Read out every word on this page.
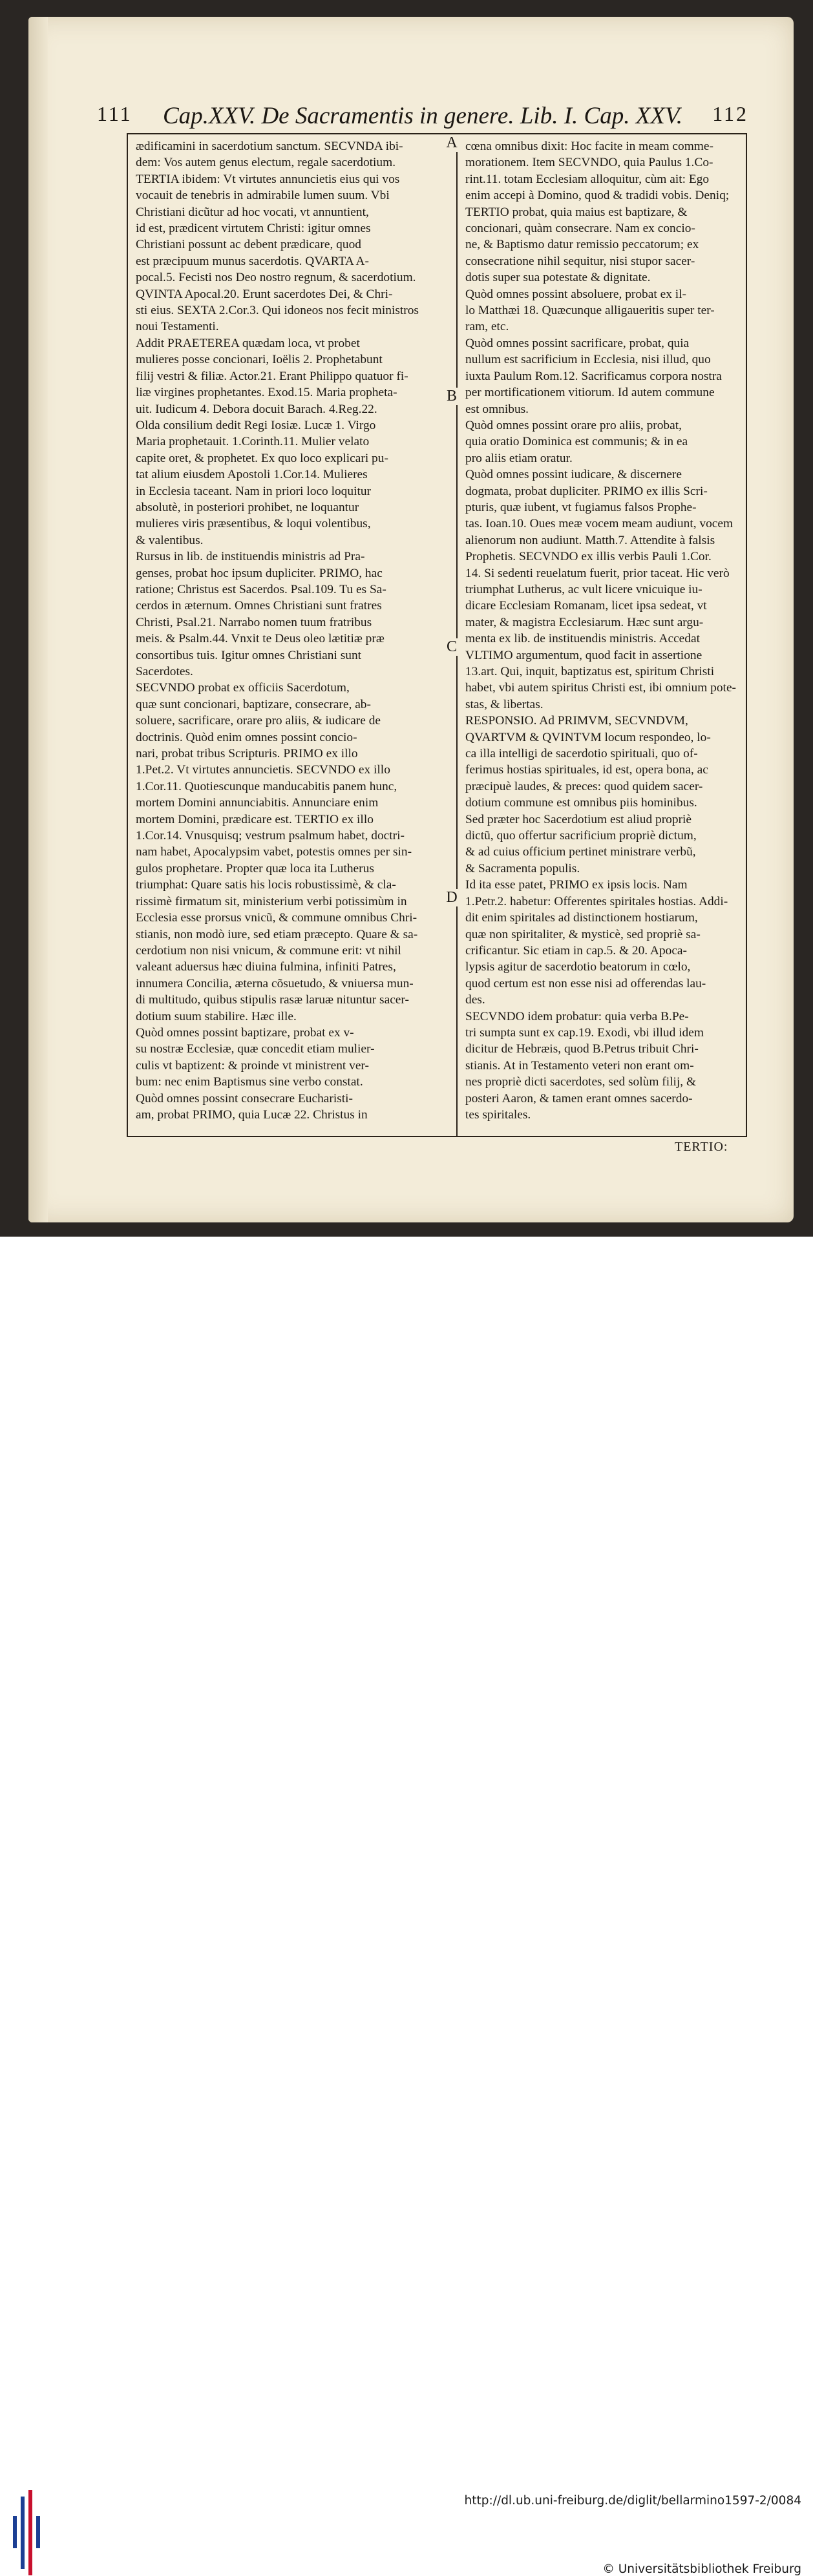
111	Cap.XXV. De Sacramentis in genere. Lib. I. Cap. XXV.	112
ædificamini in sacerdotium sanctum. SECVNDA ibi-
dem: Vos autem genus electum, regale sacerdotium.
TERTIA ibidem: Vt virtutes annuncietis eius qui vos
vocauit de tenebris in admirabile lumen suum. Vbi
Christiani dicũtur ad hoc vocati, vt annuntient,
id est, prædicent virtutem Christi: igitur omnes
Christiani possunt ac debent prædicare, quod
est præcipuum munus sacerdotis. QVARTA A-
pocal.5. Fecisti nos Deo nostro regnum, & sacerdotium.
QVINTA Apocal.20. Erunt sacerdotes Dei, & Chri-
sti eius. SEXTA 2.Cor.3. Qui idoneos nos fecit ministros
noui Testamenti.
Addit PRAETEREA quædam loca, vt probet
mulieres posse concionari, Ioëlis 2. Prophetabunt
filij vestri & filiæ. Actor.21. Erant Philippo quatuor fi-
liæ virgines prophetantes. Exod.15. Maria propheta-
uit. Iudicum 4. Debora docuit Barach. 4.Reg.22.
Olda consilium dedit Regi Iosiæ. Lucæ 1. Virgo
Maria prophetauit. 1.Corinth.11. Mulier velato
capite oret, & prophetet. Ex quo loco explicari pu-
tat alium eiusdem Apostoli 1.Cor.14. Mulieres
in Ecclesia taceant. Nam in priori loco loquitur
absolutè, in posteriori prohibet, ne loquantur
mulieres viris præsentibus, & loqui volentibus,
& valentibus.
Rursus in lib. de instituendis ministris ad Pra-
genses, probat hoc ipsum dupliciter. PRIMO, hac
ratione; Christus est Sacerdos. Psal.109. Tu es Sa-
cerdos in æternum. Omnes Christiani sunt fratres
Christi, Psal.21. Narrabo nomen tuum fratribus
meis. & Psalm.44. Vnxit te Deus oleo lætitiæ præ
consortibus tuis. Igitur omnes Christiani sunt
Sacerdotes.
SECVNDO probat ex officiis Sacerdotum,
quæ sunt concionari, baptizare, consecrare, ab-
soluere, sacrificare, orare pro aliis, & iudicare de
doctrinis. Quòd enim omnes possint concio-
nari, probat tribus Scripturis. PRIMO ex illo
1.Pet.2. Vt virtutes annuncietis. SECVNDO ex illo
1.Cor.11. Quotiescunque manducabitis panem hunc,
mortem Domini annunciabitis. Annunciare enim
mortem Domini, prædicare est. TERTIO ex illo
1.Cor.14. Vnusquisq; vestrum psalmum habet, doctri-
nam habet, Apocalypsim vabet, potestis omnes per sin-
gulos prophetare. Propter quæ loca ita Lutherus
triumphat: Quare satis his locis robustissimè, & cla-
rissimè firmatum sit, ministerium verbi potissimùm in
Ecclesia esse prorsus vnicũ, & commune omnibus Chri-
stianis, non modò iure, sed etiam præcepto. Quare & sa-
cerdotium non nisi vnicum, & commune erit: vt nihil
valeant aduersus hæc diuina fulmina, infiniti Patres,
innumera Concilia, æterna cõsuetudo, & vniuersa mun-
di multitudo, quibus stipulis rasæ laruæ nituntur sacer-
dotium suum stabilire. Hæc ille.
Quòd omnes possint baptizare, probat ex v-
su nostræ Ecclesiæ, quæ concedit etiam mulier-
culis vt baptizent: & proinde vt ministrent ver-
bum: nec enim Baptismus sine verbo constat.
Quòd omnes possint consecrare Eucharisti-
am, probat PRIMO, quia Lucæ 22. Christus in
cœna omnibus dixit: Hoc facite in meam comme-
morationem. Item SECVNDO, quia Paulus 1.Co-
rint.11. totam Ecclesiam alloquitur, cùm ait: Ego
enim accepi à Domino, quod & tradidi vobis. Deniq;
TERTIO probat, quia maius est baptizare, &
concionari, quàm consecrare. Nam ex concio-
ne, & Baptismo datur remissio peccatorum; ex
consecratione nihil sequitur, nisi stupor sacer-
dotis super sua potestate & dignitate.
Quòd omnes possint absoluere, probat ex il-
lo Matthæi 18. Quæcunque alligaueritis super ter-
ram, etc.
Quòd omnes possint sacrificare, probat, quia
nullum est sacrificium in Ecclesia, nisi illud, quo
iuxta Paulum Rom.12. Sacrificamus corpora nostra
per mortificationem vitiorum. Id autem commune
est omnibus.
Quòd omnes possint orare pro aliis, probat,
quia oratio Dominica est communis; & in ea
pro aliis etiam oratur.
Quòd omnes possint iudicare, & discernere
dogmata, probat dupliciter. PRIMO ex illis Scri-
pturis, quæ iubent, vt fugiamus falsos Prophe-
tas. Ioan.10. Oues meæ vocem meam audiunt, vocem
alienorum non audiunt. Matth.7. Attendite à falsis
Prophetis. SECVNDO ex illis verbis Pauli 1.Cor.
14. Si sedenti reuelatum fuerit, prior taceat. Hic verò
triumphat Lutherus, ac vult licere vnicuique iu-
dicare Ecclesiam Romanam, licet ipsa sedeat, vt
mater, & magistra Ecclesiarum. Hæc sunt argu-
menta ex lib. de instituendis ministris. Accedat
VLTIMO argumentum, quod facit in assertione
13.art. Qui, inquit, baptizatus est, spiritum Christi
habet, vbi autem spiritus Christi est, ibi omnium pote-
stas, & libertas.
RESPONSIO. Ad PRIMVM, SECVNDVM,
QVARTVM & QVINTVM locum respondeo, lo-
ca illa intelligi de sacerdotio spirituali, quo of-
ferimus hostias spirituales, id est, opera bona, ac
præcipuè laudes, & preces: quod quidem sacer-
dotium commune est omnibus piis hominibus.
Sed præter hoc Sacerdotium est aliud propriè
dictũ, quo offertur sacrificium propriè dictum,
& ad cuius officium pertinet ministrare verbũ,
& Sacramenta populis.
Id ita esse patet, PRIMO ex ipsis locis. Nam
1.Petr.2. habetur: Offerentes spiritales hostias. Addi-
dit enim spiritales ad distinctionem hostiarum,
quæ non spiritaliter, & mysticè, sed propriè sa-
crificantur. Sic etiam in cap.5. & 20. Apoca-
lypsis agitur de sacerdotio beatorum in cœlo,
quod certum est non esse nisi ad offerendas lau-
des.
SECVNDO idem probatur: quia verba B.Pe-
tri sumpta sunt ex cap.19. Exodi, vbi illud idem
dicitur de Hebræis, quod B.Petrus tribuit Chri-
stianis. At in Testamento veteri non erant om-
nes propriè dicti sacerdotes, sed solùm filij, &
posteri Aaron, & tamen erant omnes sacerdo-
tes spiritales.
A
B
C
D
TERTIO:
http://dl.ub.uni-freiburg.de/diglit/bellarmino1597-2/0084
© Universitätsbibliothek Freiburg
